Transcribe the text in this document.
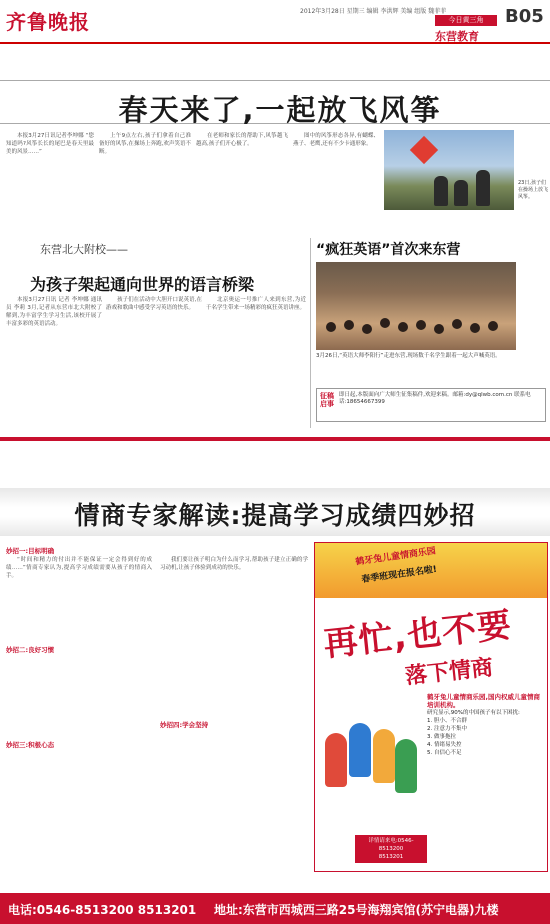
齐鲁晚报	2012年3月28日 星期三 编辑 李洪辉 美编 组版 魏菲菲
今日黄三角
东营教育
B05
春天来了,一起放飞风筝

本报3月27日讯记者李坤娜 “您知道吗?风筝长长的尾巴是春天里最美的风景……”

上午9点左右,孩子们拿着自己准备好的风筝,在操场上奔跑,欢声笑语不断。

在老师和家长的帮助下,风筝越飞越高,孩子们开心极了。

图中的风筝形态各异,有蝴蝶、燕子、老鹰,还有不少卡通形象。

23日,孩子们在操场上放飞风筝。
东营北大附校——
为孩子架起通向世界的语言桥梁

本报3月27日讯 记者 李坤娜 通讯员 李莉 3月,记者从东营市北大附校了解到,为丰富学生学习生活,该校开展了丰富多彩的英语活动。

孩子们在活动中大胆开口说英语,在游戏和歌曲中感受学习英语的快乐。

北京奥运一号推广人来到东营,为近千名学生带来一场精彩的疯狂英语讲座。

“疯狂英语”首次来东营
3月26日,“英语大师李阳行”走进东营,现场数千名学生跟着一起大声喊英语。
征稿启事
即日起,本版面向广大师生征集稿件,欢迎来稿。邮箱:dy@qlwb.com.cn 联系电话:18654667399
情商专家解读:提高学习成绩四妙招
妙招一:目标明确

“时间和精力的付出并不能保证一定会得到好的成绩……”情商专家认为,提高学习成绩需要从孩子的情商入手。

妙招二:良好习惯
妙招三:积极心态
妙招四:学会坚持

我们要让孩子明白为什么而学习,帮助孩子建立正确的学习动机,让孩子体验到成功的快乐。

鹤牙兔儿童情商乐园
春季班现在报名啦!
再忙,也不要
落下情商
鹤牙兔儿童情商乐园,国内权威儿童情商培训机构。
研究显示,90%的中国孩子有以下困扰:
1. 胆小、不合群
2. 注意力不集中
3. 做事拖拉
4. 情绪易失控
5. 自信心不足
详情请来电:0546-8513200
8513201
电话:0546-8513200 8513201 地址:东营市西城西三路25号海翔宾馆(苏宁电器)九楼
